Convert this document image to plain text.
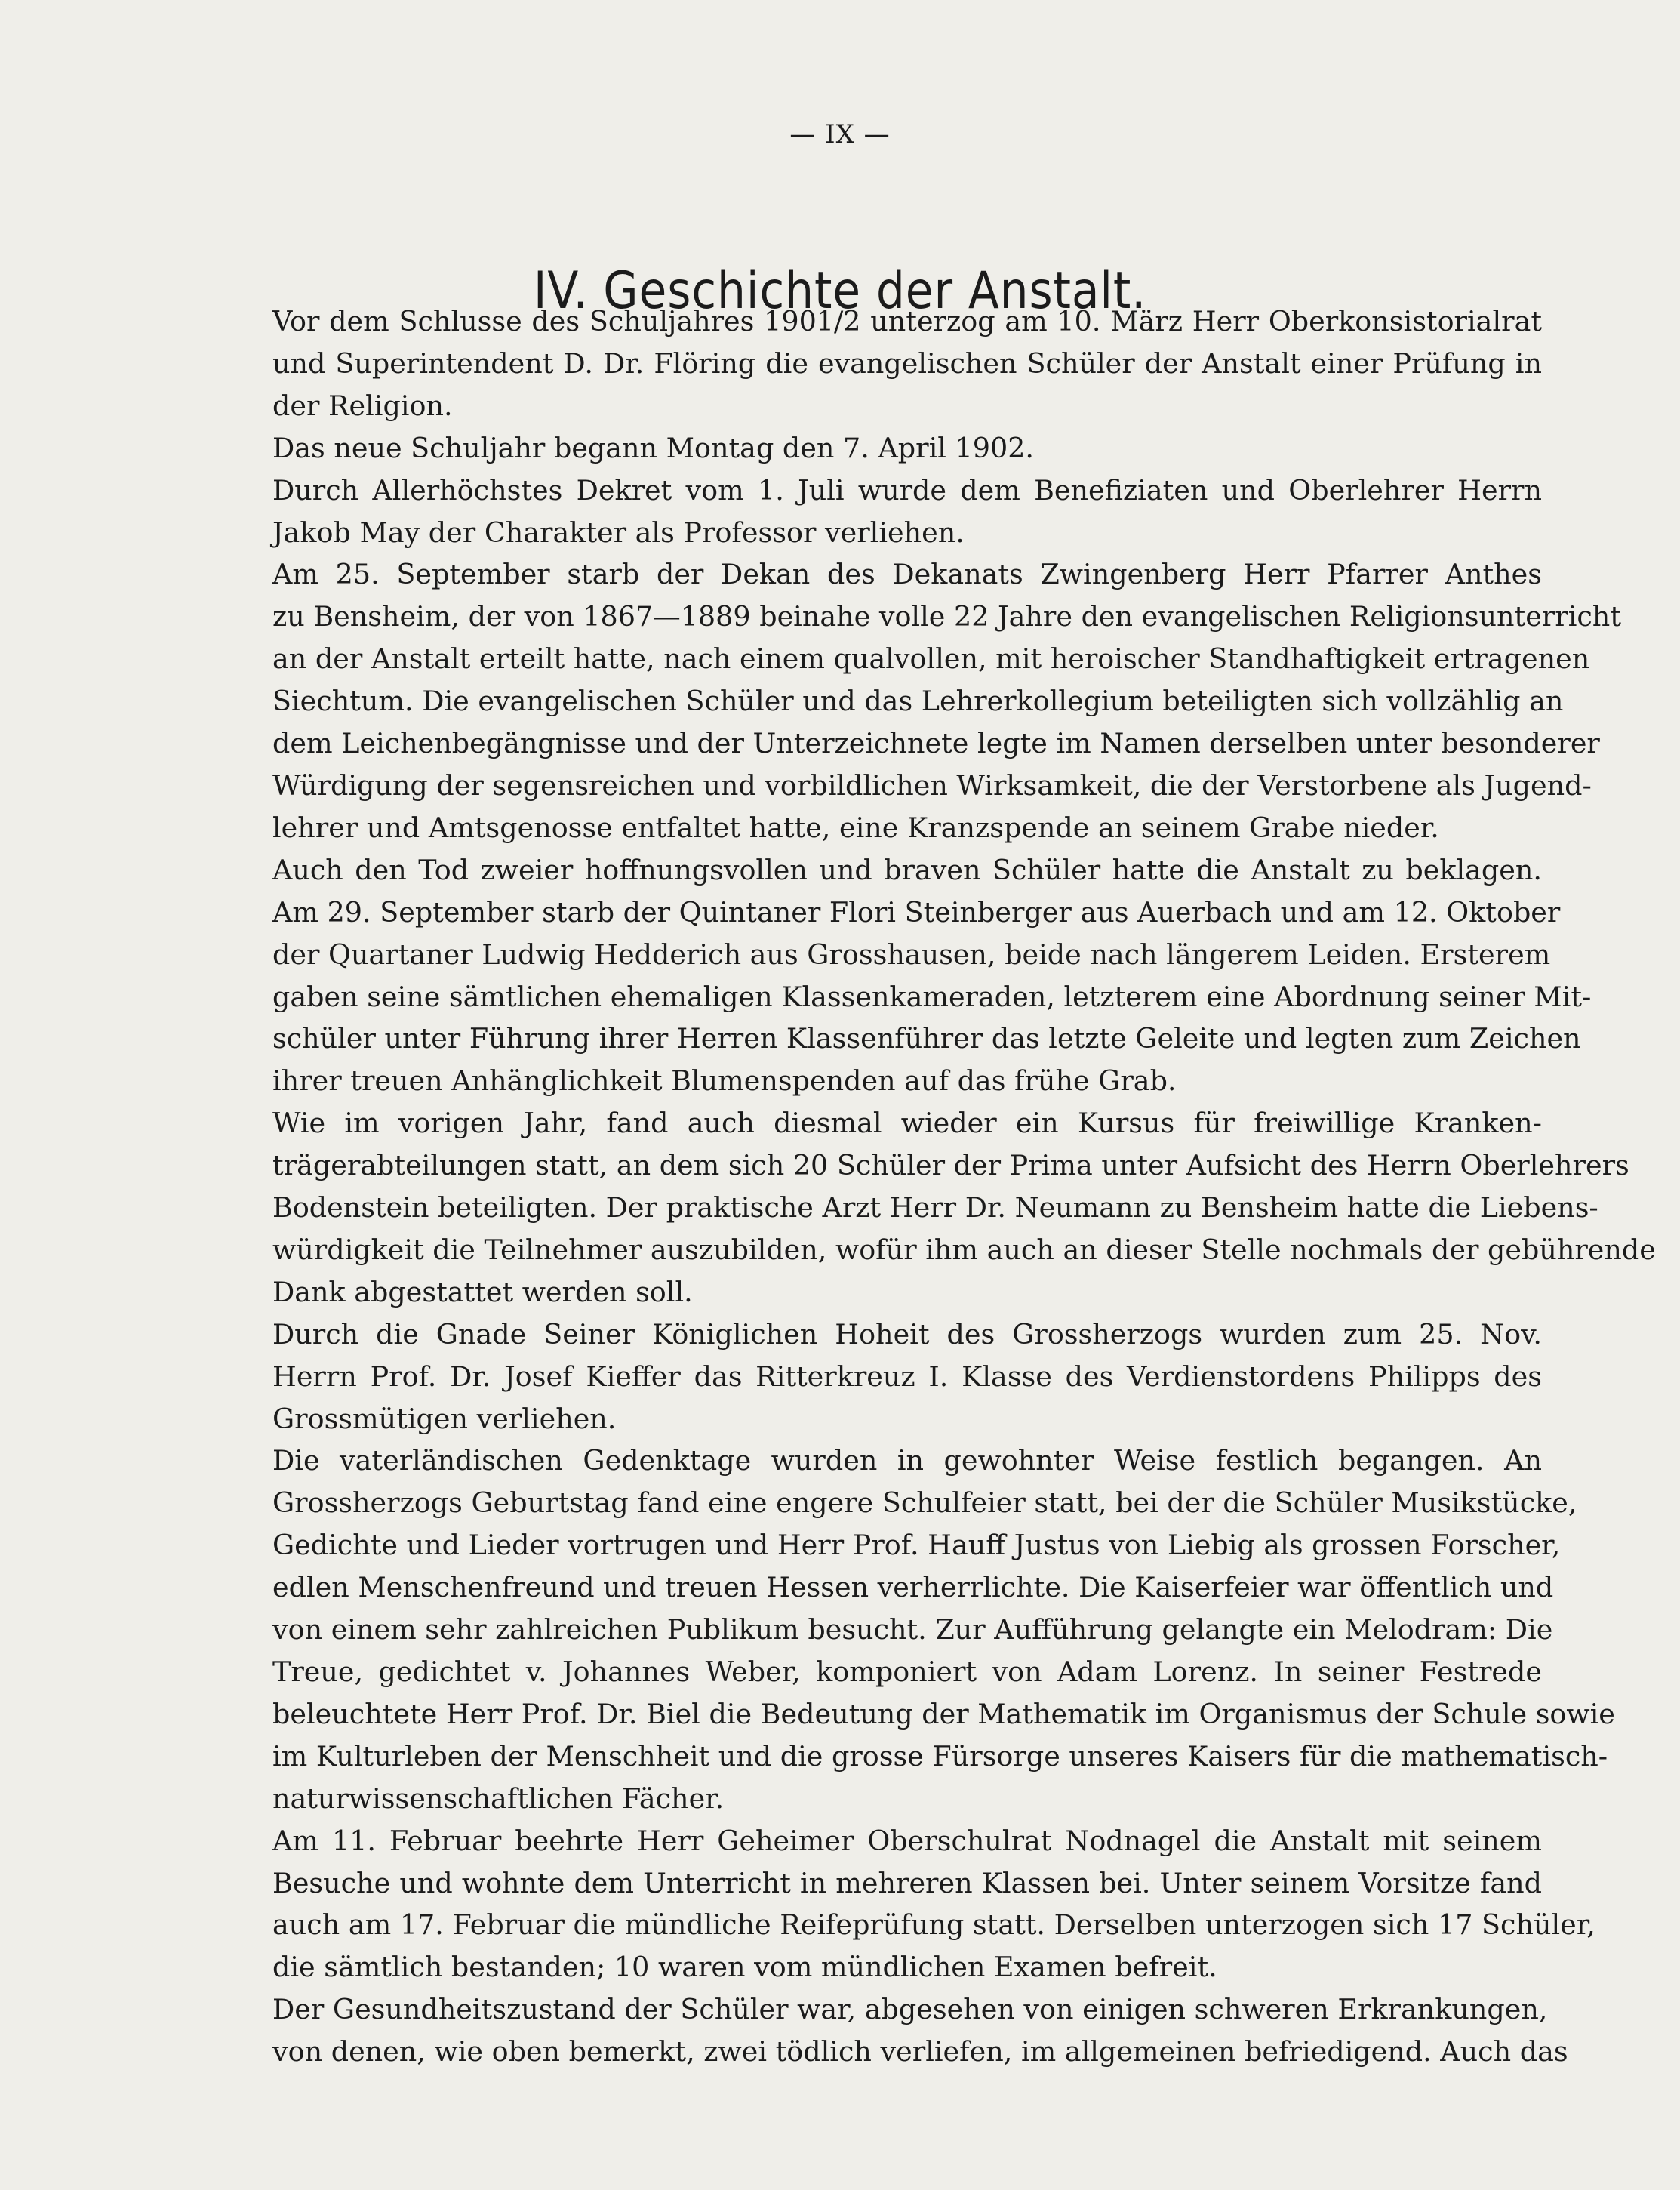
— IX —
IV. Geschichte der Anstalt.

Vor dem Schlusse des Schuljahres 1901/2 unterzog am 10. März Herr Oberkonsistorialrat
und Superintendent D. Dr. Flöring die evangelischen Schüler der Anstalt einer Prüfung in
der Religion.

Das neue Schuljahr begann Montag den 7. April 1902.

Durch Allerhöchstes Dekret vom 1. Juli wurde dem Benefiziaten und Oberlehrer Herrn
Jakob May der Charakter als Professor verliehen.

Am 25. September starb der Dekan des Dekanats Zwingenberg Herr Pfarrer Anthes
zu Bensheim, der von 1867—1889 beinahe volle 22 Jahre den evangelischen Religionsunterricht
an der Anstalt erteilt hatte, nach einem qualvollen, mit heroischer Standhaftigkeit ertragenen
Siechtum. Die evangelischen Schüler und das Lehrerkollegium beteiligten sich vollzählig an
dem Leichenbegängnisse und der Unterzeichnete legte im Namen derselben unter besonderer
Würdigung der segensreichen und vorbildlichen Wirksamkeit, die der Verstorbene als Jugend-
lehrer und Amtsgenosse entfaltet hatte, eine Kranzspende an seinem Grabe nieder.

Auch den Tod zweier hoffnungsvollen und braven Schüler hatte die Anstalt zu beklagen.
Am 29. September starb der Quintaner Flori Steinberger aus Auerbach und am 12. Oktober
der Quartaner Ludwig Hedderich aus Grosshausen, beide nach längerem Leiden. Ersterem
gaben seine sämtlichen ehemaligen Klassenkameraden, letzterem eine Abordnung seiner Mit-
schüler unter Führung ihrer Herren Klassenführer das letzte Geleite und legten zum Zeichen
ihrer treuen Anhänglichkeit Blumenspenden auf das frühe Grab.

Wie im vorigen Jahr, fand auch diesmal wieder ein Kursus für freiwillige Kranken-
trägerabteilungen statt, an dem sich 20 Schüler der Prima unter Aufsicht des Herrn Oberlehrers
Bodenstein beteiligten. Der praktische Arzt Herr Dr. Neumann zu Bensheim hatte die Liebens-
würdigkeit die Teilnehmer auszubilden, wofür ihm auch an dieser Stelle nochmals der gebührende
Dank abgestattet werden soll.

Durch die Gnade Seiner Königlichen Hoheit des Grossherzogs wurden zum 25. Nov.
Herrn Prof. Dr. Josef Kieffer das Ritterkreuz I. Klasse des Verdienstordens Philipps des
Grossmütigen verliehen.

Die vaterländischen Gedenktage wurden in gewohnter Weise festlich begangen. An
Grossherzogs Geburtstag fand eine engere Schulfeier statt, bei der die Schüler Musikstücke,
Gedichte und Lieder vortrugen und Herr Prof. Hauff Justus von Liebig als grossen Forscher,
edlen Menschenfreund und treuen Hessen verherrlichte. Die Kaiserfeier war öffentlich und
von einem sehr zahlreichen Publikum besucht. Zur Aufführung gelangte ein Melodram: Die
Treue, gedichtet v. Johannes Weber, komponiert von Adam Lorenz. In seiner Festrede
beleuchtete Herr Prof. Dr. Biel die Bedeutung der Mathematik im Organismus der Schule sowie
im Kulturleben der Menschheit und die grosse Fürsorge unseres Kaisers für die mathematisch-
naturwissenschaftlichen Fächer.

Am 11. Februar beehrte Herr Geheimer Oberschulrat Nodnagel die Anstalt mit seinem
Besuche und wohnte dem Unterricht in mehreren Klassen bei. Unter seinem Vorsitze fand
auch am 17. Februar die mündliche Reifeprüfung statt. Derselben unterzogen sich 17 Schüler,
die sämtlich bestanden; 10 waren vom mündlichen Examen befreit.

Der Gesundheitszustand der Schüler war, abgesehen von einigen schweren Erkrankungen,
von denen, wie oben bemerkt, zwei tödlich verliefen, im allgemeinen befriedigend. Auch das
